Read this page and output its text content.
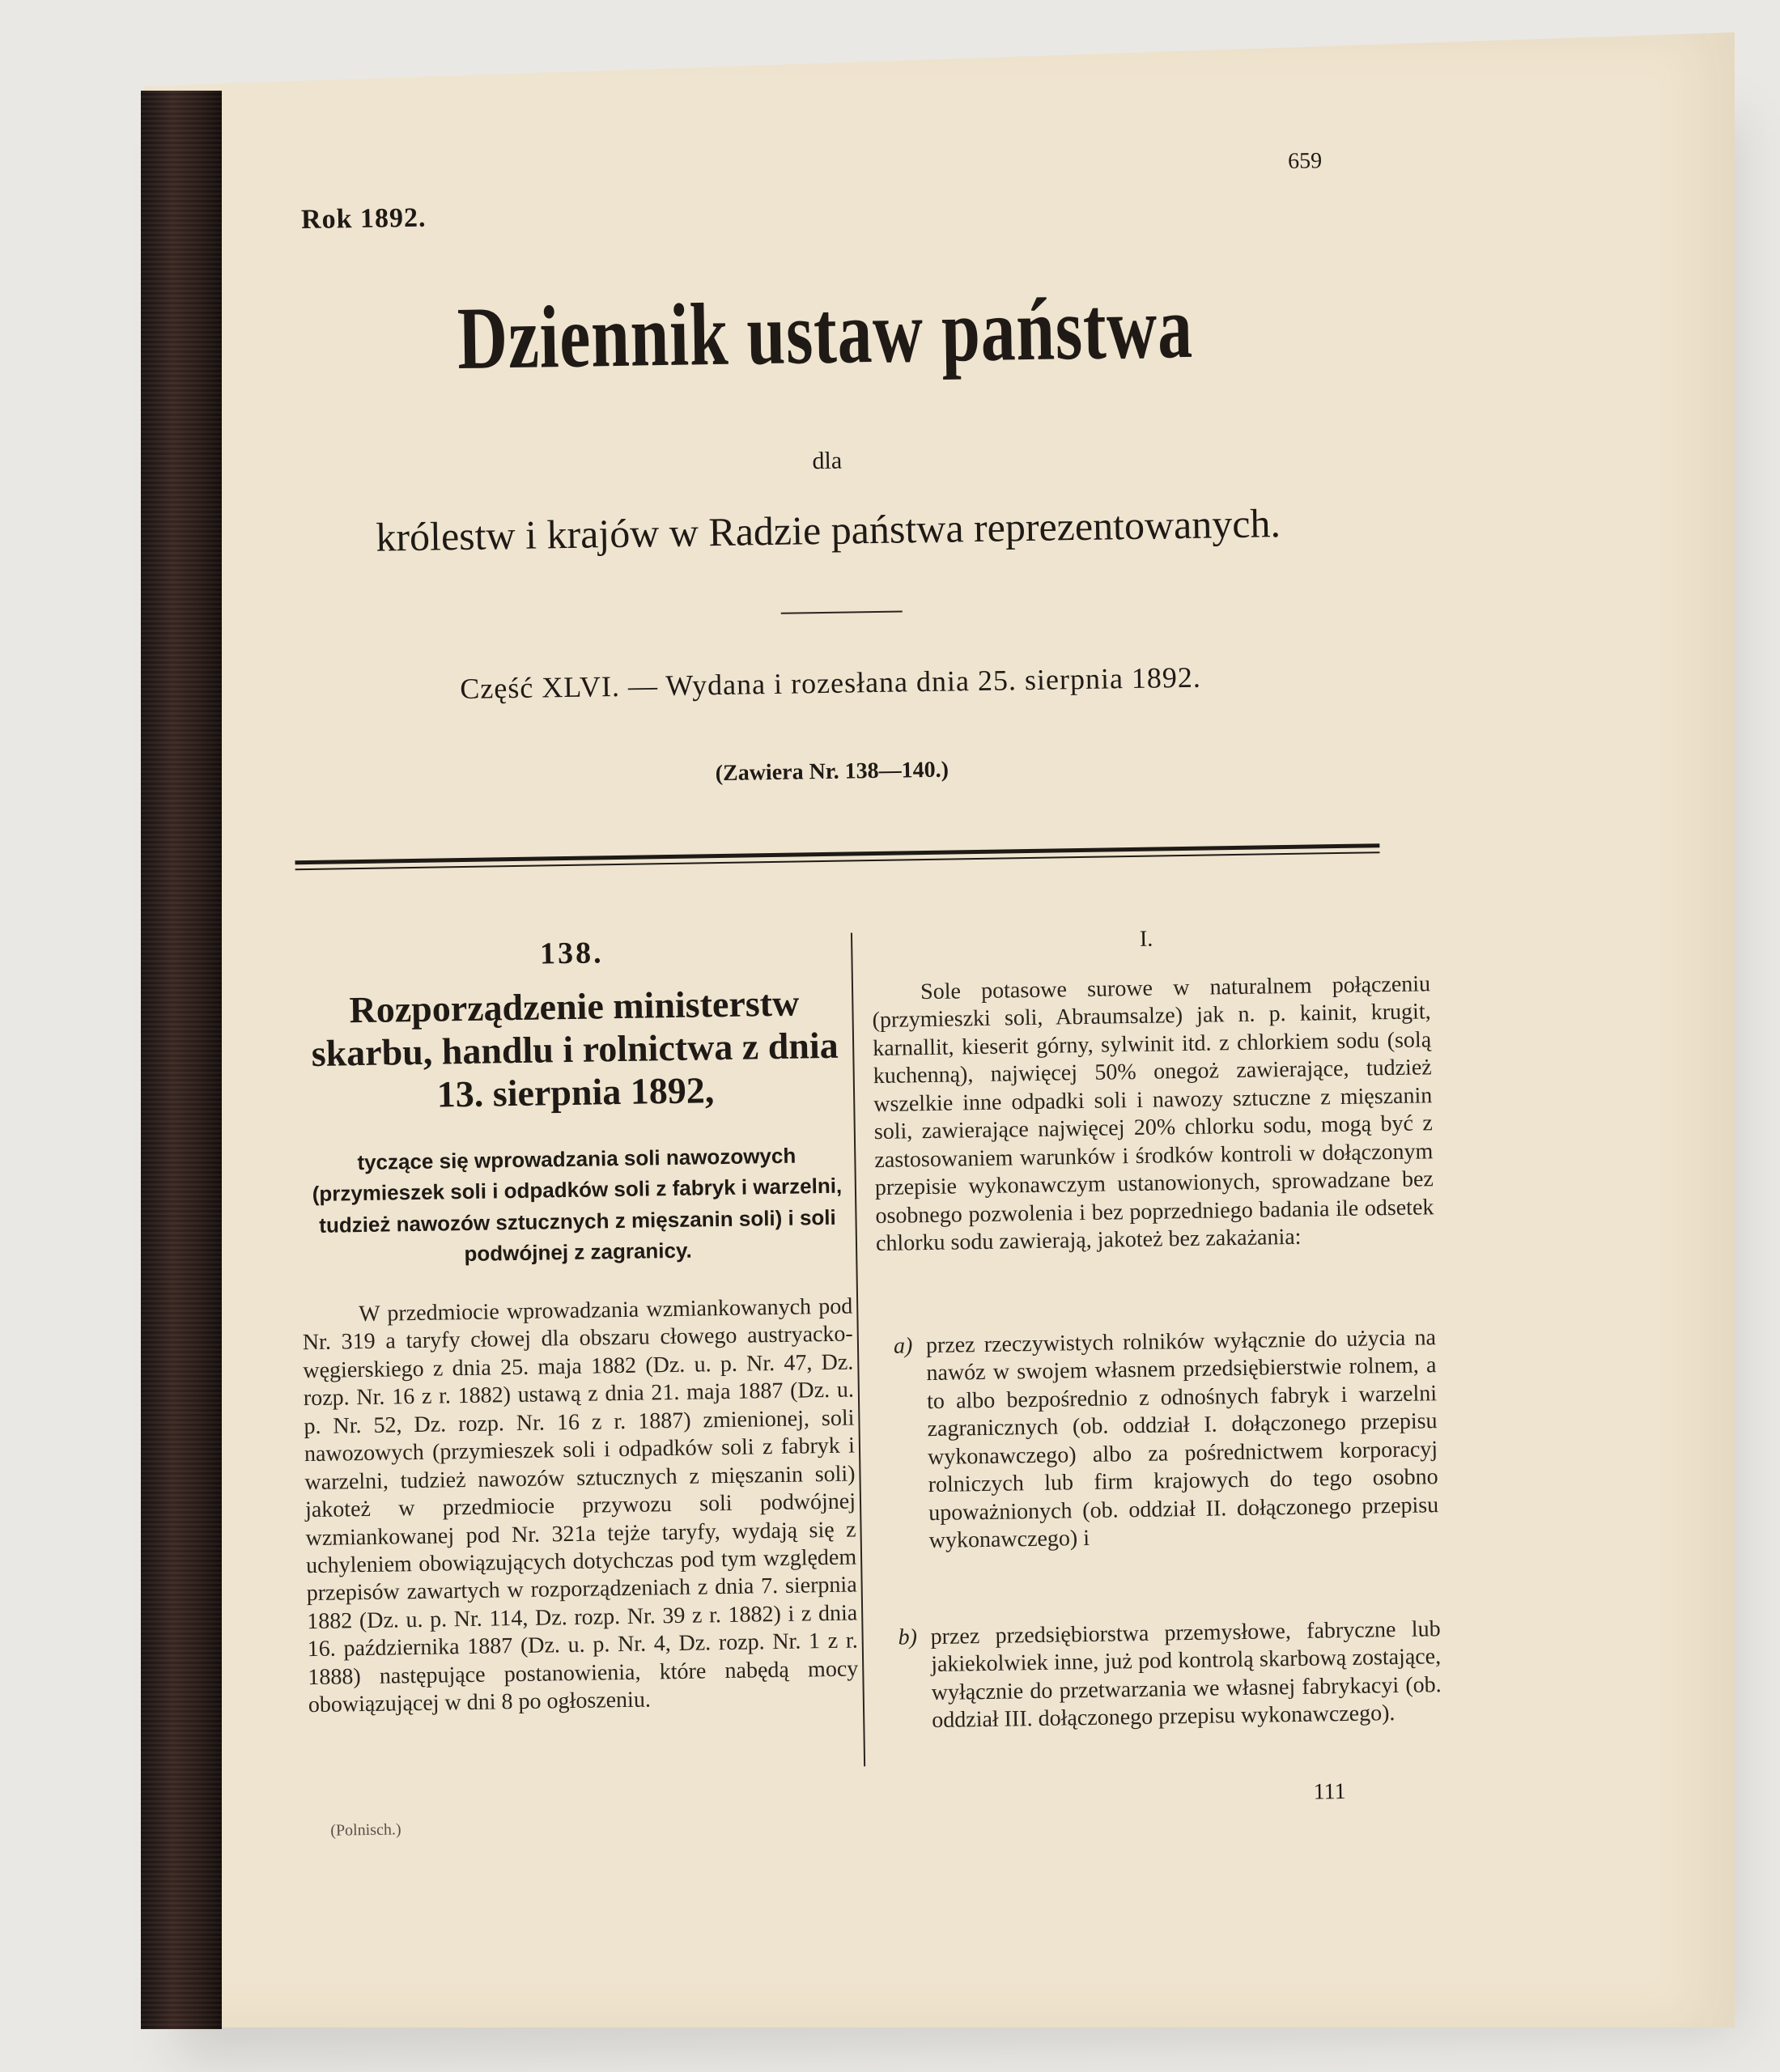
Rok 1892.
659
Dziennik ustaw państwa
dla
królestw i krajów w Radzie państwa reprezentowanych.
Część XLVI. — Wydana i rozesłana dnia 25. sierpnia 1892.
(Zawiera Nr. 138—140.)
138.
Rozporządzenie ministerstw skarbu, handlu i rolnictwa z dnia 13. sierpnia 1892,
tyczące się wprowadzania soli nawozowych (przymieszek soli i odpadków soli z fabryk i warzelni, tudzież nawozów sztucznych z mięszanin soli) i soli podwójnej z zagranicy.

W przedmiocie wprowadzania wzmiankowanych pod Nr. 319 a taryfy cłowej dla obszaru cłowego austryacko-węgierskiego z dnia 25. maja 1882 (Dz. u. p. Nr. 47, Dz. rozp. Nr. 16 z r. 1882) ustawą z dnia 21. maja 1887 (Dz. u. p. Nr. 52, Dz. rozp. Nr. 16 z r. 1887) zmienionej, soli nawozowych (przymieszek soli i odpadków soli z fabryk i warzelni, tudzież nawozów sztucznych z mięszanin soli) jakoteż w przedmiocie przywozu soli podwójnej wzmiankowanej pod Nr. 321a tejże taryfy, wydają się z uchyleniem obowiązujących dotychczas pod tym względem przepisów zawartych w rozporządzeniach z dnia 7. sierpnia 1882 (Dz. u. p. Nr. 114, Dz. rozp. Nr. 39 z r. 1882) i z dnia 16. października 1887 (Dz. u. p. Nr. 4, Dz. rozp. Nr. 1 z r. 1888) następujące postanowienia, które nabędą mocy obowiązującej w dni 8 po ogłoszeniu.

(Polnisch.)
I.

Sole potasowe surowe w naturalnem połączeniu (przymieszki soli, Abraumsalze) jak n. p. kainit, krugit, karnallit, kieserit górny, sylwinit itd. z chlorkiem sodu (solą kuchenną), najwięcej 50% onegoż zawierające, tudzież wszelkie inne odpadki soli i nawozy sztuczne z mięszanin soli, zawierające najwięcej 20% chlorku sodu, mogą być z zastosowaniem warunków i środków kontroli w dołączonym przepisie wykonawczym ustanowionych, sprowadzane bez osobnego pozwolenia i bez poprzedniego badania ile odsetek chlorku sodu zawierają, jakoteż bez zakażania:

a) przez rzeczywistych rolników wyłącznie do użycia na nawóz w swojem własnem przedsiębierstwie rolnem, a to albo bezpośrednio z odnośnych fabryk i warzelni zagranicznych (ob. oddział I. dołączonego przepisu wykonawczego) albo za pośrednictwem korporacyj rolniczych lub firm krajowych do tego osobno upoważnionych (ob. oddział II. dołączonego przepisu wykonawczego) i
b) przez przedsiębiorstwa przemysłowe, fabryczne lub jakiekolwiek inne, już pod kontrolą skarbową zostające, wyłącznie do przetwarzania we własnej fabrykacyi (ob. oddział III. dołączonego przepisu wykonawczego).
111
